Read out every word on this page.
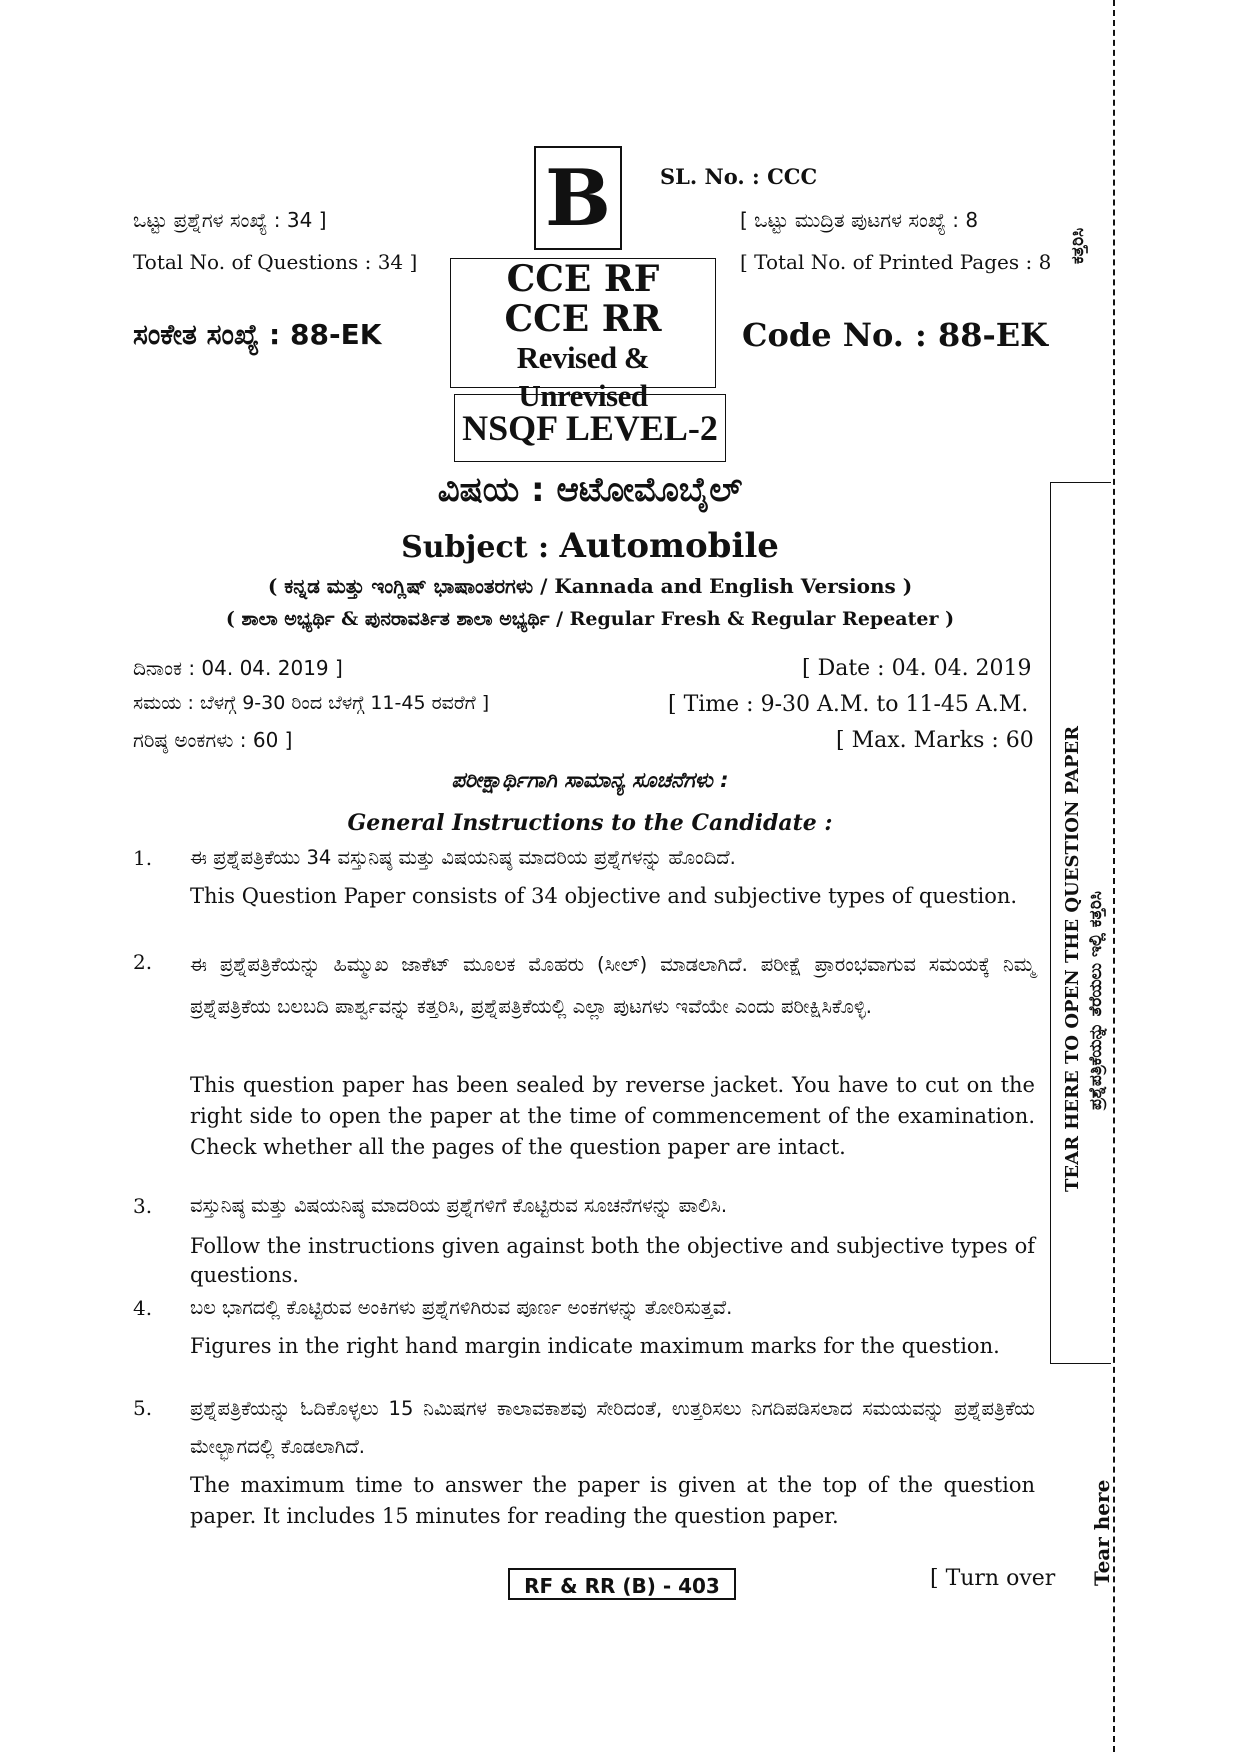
B SL. No. : CCC
ಒಟ್ಟು ಪ್ರಶ್ನೆಗಳ ಸಂಖ್ಯೆ : 34 ]	[ ಒಟ್ಟು ಮುದ್ರಿತ ಪುಟಗಳ ಸಂಖ್ಯೆ : 8
Total No. of Questions : 34 ]	[ Total No. of Printed Pages : 8
CCE RF
CCE RR
Revised & Unrevised
ಸಂಕೇತ ಸಂಖ್ಯೆ : 88-EK	Code No. : 88-EK
NSQF LEVEL-2
ವಿಷಯ : ಆಟೋಮೊಬೈಲ್
Subject : Automobile
( ಕನ್ನಡ ಮತ್ತು ಇಂಗ್ಲಿಷ್ ಭಾಷಾಂತರಗಳು / Kannada and English Versions )
( ಶಾಲಾ ಅಭ್ಯರ್ಥಿ & ಪುನರಾವರ್ತಿತ ಶಾಲಾ ಅಭ್ಯರ್ಥಿ / Regular Fresh & Regular Repeater )
ದಿನಾಂಕ : 04. 04. 2019 ]	[ Date : 04. 04. 2019
ಸಮಯ : ಬೆಳಗ್ಗೆ 9-30 ರಿಂದ ಬೆಳಗ್ಗೆ 11-45 ರವರೆಗೆ ]	[ Time : 9-30 A.M. to 11-45 A.M.
ಗರಿಷ್ಠ ಅಂಕಗಳು : 60 ]	[ Max. Marks : 60
ಪರೀಕ್ಷಾರ್ಥಿಗಾಗಿ ಸಾಮಾನ್ಯ ಸೂಚನೆಗಳು :
General Instructions to the Candidate :
1. ಈ ಪ್ರಶ್ನೆಪತ್ರಿಕೆಯು 34 ವಸ್ತುನಿಷ್ಠ ಮತ್ತು ವಿಷಯನಿಷ್ಠ ಮಾದರಿಯ ಪ್ರಶ್ನೆಗಳನ್ನು ಹೊಂದಿದೆ.
This Question Paper consists of 34 objective and subjective types of question.
2. ಈ ಪ್ರಶ್ನೆಪತ್ರಿಕೆಯನ್ನು ಹಿಮ್ಮುಖ ಜಾಕೆಟ್ ಮೂಲಕ ಮೊಹರು (ಸೀಲ್) ಮಾಡಲಾಗಿದೆ. ಪರೀಕ್ಷೆ ಪ್ರಾರಂಭವಾಗುವ ಸಮಯಕ್ಕೆ ನಿಮ್ಮ ಪ್ರಶ್ನೆಪತ್ರಿಕೆಯ ಬಲಬದಿ ಪಾರ್ಶ್ವವನ್ನು ಕತ್ತರಿಸಿ, ಪ್ರಶ್ನೆಪತ್ರಿಕೆಯಲ್ಲಿ ಎಲ್ಲಾ ಪುಟಗಳು ಇವೆಯೇ ಎಂದು ಪರೀಕ್ಷಿಸಿಕೊಳ್ಳಿ.
This question paper has been sealed by reverse jacket. You have to cut on the right side to open the paper at the time of commencement of the examination. Check whether all the pages of the question paper are intact.
3. ವಸ್ತುನಿಷ್ಠ ಮತ್ತು ವಿಷಯನಿಷ್ಠ ಮಾದರಿಯ ಪ್ರಶ್ನೆಗಳಿಗೆ ಕೊಟ್ಟಿರುವ ಸೂಚನೆಗಳನ್ನು ಪಾಲಿಸಿ.
Follow the instructions given against both the objective and subjective types of questions.
4. ಬಲ ಭಾಗದಲ್ಲಿ ಕೊಟ್ಟಿರುವ ಅಂಕಿಗಳು ಪ್ರಶ್ನೆಗಳಿಗಿರುವ ಪೂರ್ಣ ಅಂಕಗಳನ್ನು ತೋರಿಸುತ್ತವೆ.
Figures in the right hand margin indicate maximum marks for the question.
5. ಪ್ರಶ್ನೆಪತ್ರಿಕೆಯನ್ನು ಓದಿಕೊಳ್ಳಲು 15 ನಿಮಿಷಗಳ ಕಾಲಾವಕಾಶವು ಸೇರಿದಂತೆ, ಉತ್ತರಿಸಲು ನಿಗದಿಪಡಿಸಲಾದ ಸಮಯವನ್ನು ಪ್ರಶ್ನೆಪತ್ರಿಕೆಯ ಮೇಲ್ಭಾಗದಲ್ಲಿ ಕೊಡಲಾಗಿದೆ.
The maximum time to answer the paper is given at the top of the question paper. It includes 15 minutes for reading the question paper.
RF & RR (B) - 403	[ Turn over
ಕತ್ತರಿಸಿ
TEAR HERE TO OPEN THE QUESTION PAPER ಪ್ರಶ್ನೆಪತ್ರಿಕೆಯನ್ನು ತೆರೆಯಲು ಇಲ್ಲಿ ಕತ್ತರಿಸಿ
Tear here
